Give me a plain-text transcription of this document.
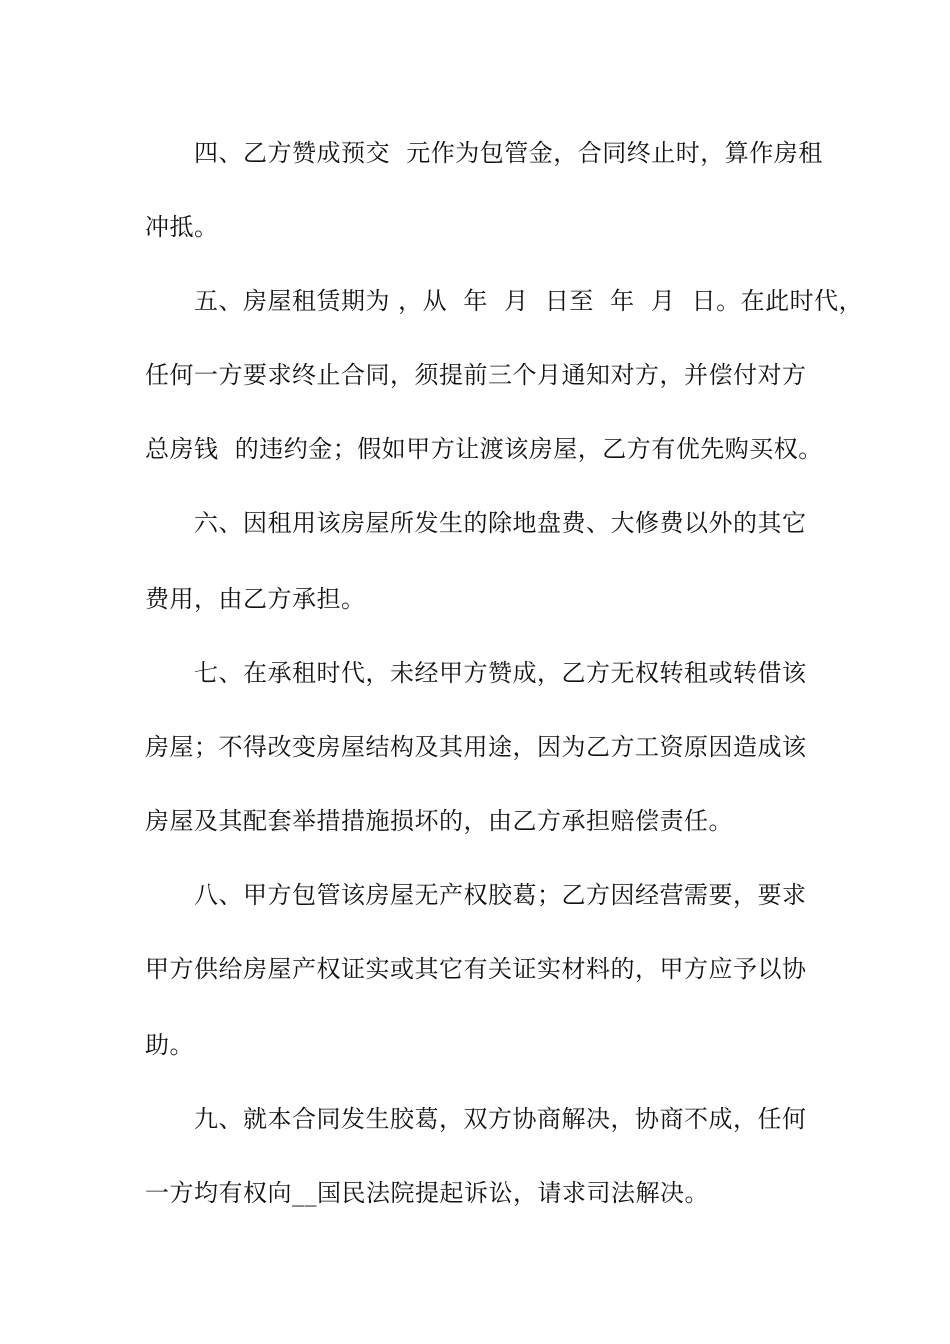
四、乙方赞成预交  元作为包管金，合同终止时，算作房租
冲抵。
五、房屋租赁期为 ，从  年  月  日至  年  月  日。在此时代，
任何一方要求终止合同，须提前三个月通知对方，并偿付对方
总房钱  的违约金；假如甲方让渡该房屋，乙方有优先购买权。
六、因租用该房屋所发生的除地盘费、大修费以外的其它
费用，由乙方承担。
七、在承租时代，未经甲方赞成，乙方无权转租或转借该
房屋；不得改变房屋结构及其用途，因为乙方工资原因造成该
房屋及其配套举措措施损坏的，由乙方承担赔偿责任。
八、甲方包管该房屋无产权胶葛；乙方因经营需要，要求
甲方供给房屋产权证实或其它有关证实材料的，甲方应予以协
助。
九、就本合同发生胶葛，双方协商解决，协商不成，任何
一方均有权向__国民法院提起诉讼，请求司法解决。
